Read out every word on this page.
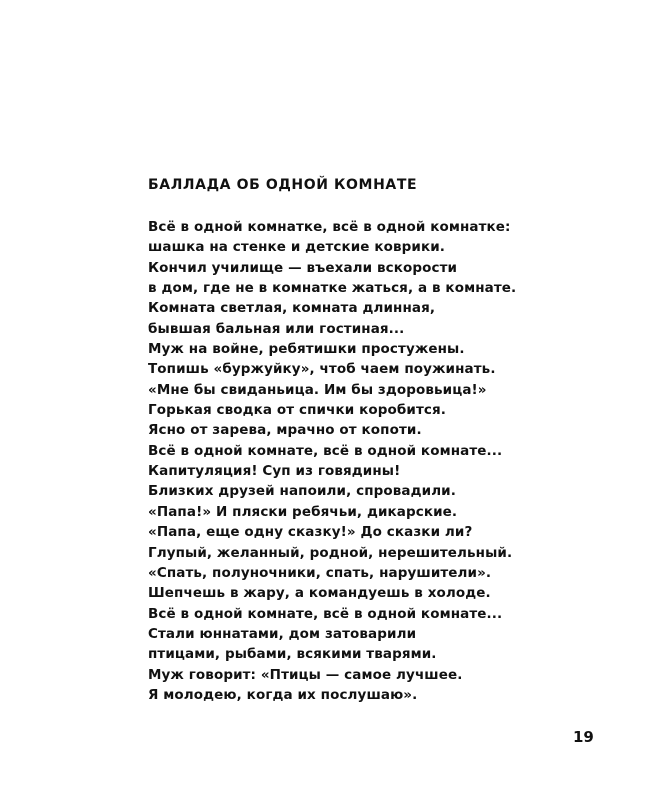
БАЛЛАДА ОБ ОДНОЙ КОМНАТЕ
Всё в одной комнатке, всё в одной комнатке:
шашка на стенке и детские коврики.
Кончил училище — въехали вскорости
в дом, где не в комнатке жаться, а в комнате.
Комната светлая, комната длинная,
бывшая бальная или гостиная...
Муж на войне, ребятишки простужены.
Топишь «буржуйку», чтоб чаем поужинать.
«Мне бы свиданьица. Им бы здоровьица!»
Горькая сводка от спички коробится.
Ясно от зарева, мрачно от копоти.
Всё в одной комнате, всё в одной комнате...
Капитуляция! Суп из говядины!
Близких друзей напоили, спровадили.
«Папа!» И пляски ребячьи, дикарские.
«Папа, еще одну сказку!» До сказки ли?
Глупый, желанный, родной, нерешительный.
«Спать, полуночники, спать, нарушители».
Шепчешь в жару, а командуешь в холоде.
Всё в одной комнате, всё в одной комнате...
Стали юннатами, дом затоварили
птицами, рыбами, всякими тварями.
Муж говорит: «Птицы — самое лучшее.
Я молодею, когда их послушаю».
19
